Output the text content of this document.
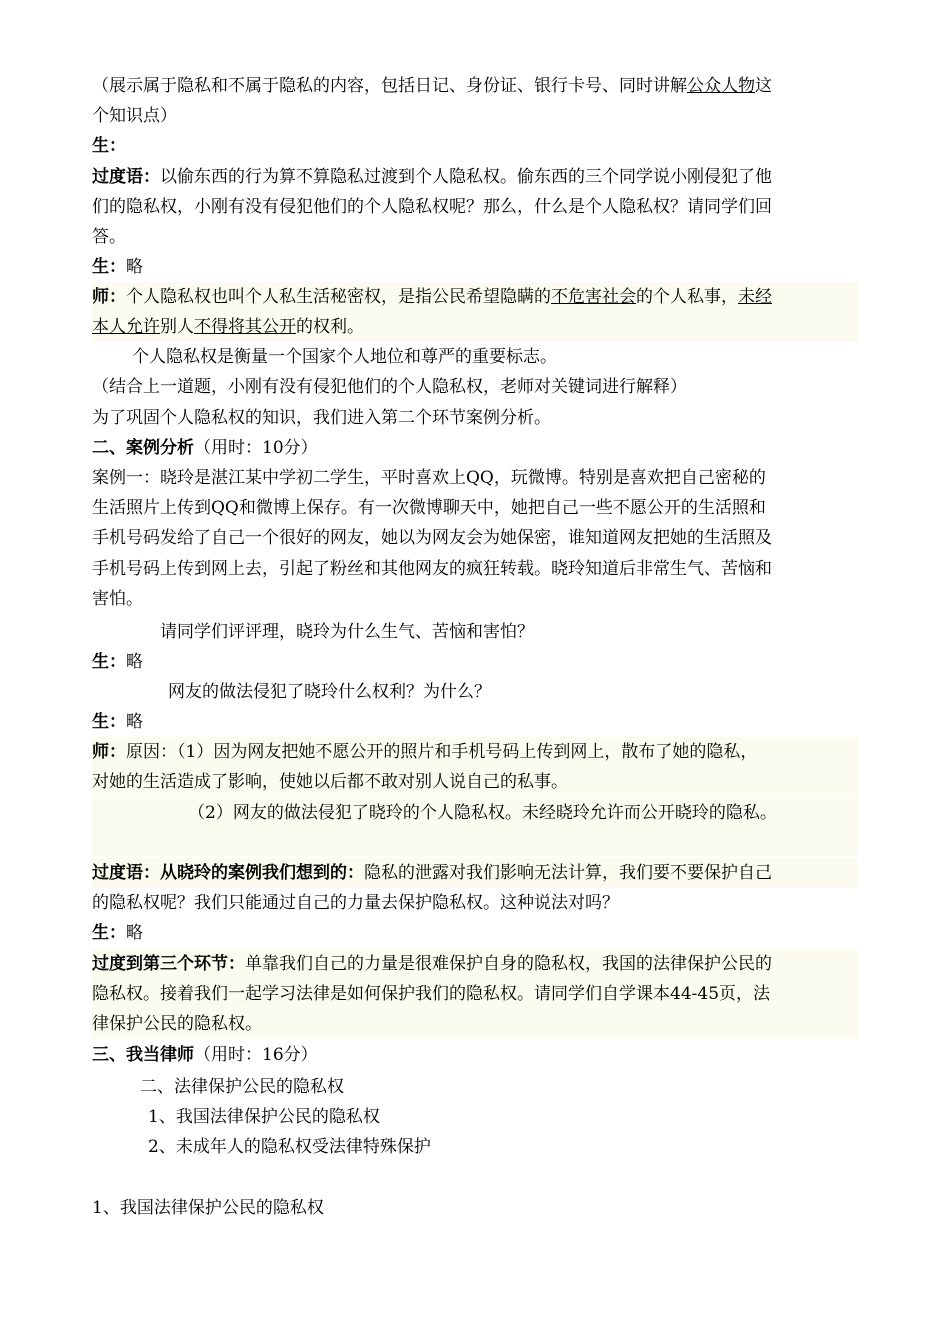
（展示属于隐私和不属于隐私的内容，包括日记、身份证、银行卡号、同时讲解公众人物这
个知识点）
生：
过度语：以偷东西的行为算不算隐私过渡到个人隐私权。偷东西的三个同学说小刚侵犯了他
们的隐私权，小刚有没有侵犯他们的个人隐私权呢？那么，什么是个人隐私权？请同学们回
答。
生：略
师：个人隐私权也叫个人私生活秘密权，是指公民希望隐瞒的不危害社会的个人私事，未经
本人允许别人不得将其公开的权利。
个人隐私权是衡量一个国家个人地位和尊严的重要标志。
（结合上一道题，小刚有没有侵犯他们的个人隐私权，老师对关键词进行解释）
为了巩固个人隐私权的知识，我们进入第二个环节案例分析。
二、案例分析（用时：10分）
案例一：晓玲是湛江某中学初二学生，平时喜欢上QQ，玩微博。特别是喜欢把自己密秘的
生活照片上传到QQ和微博上保存。有一次微博聊天中，她把自己一些不愿公开的生活照和
手机号码发给了自己一个很好的网友，她以为网友会为她保密，谁知道网友把她的生活照及
手机号码上传到网上去，引起了粉丝和其他网友的疯狂转载。晓玲知道后非常生气、苦恼和
害怕。
请同学们评评理，晓玲为什么生气、苦恼和害怕？
生：略
网友的做法侵犯了晓玲什么权利？为什么？
生：略
师：原因：（1）因为网友把她不愿公开的照片和手机号码上传到网上，散布了她的隐私，
对她的生活造成了影响，使她以后都不敢对别人说自己的私事。
（2）网友的做法侵犯了晓玲的个人隐私权。未经晓玲允许而公开晓玲的隐私。
过度语：从晓玲的案例我们想到的：隐私的泄露对我们影响无法计算，我们要不要保护自己
的隐私权呢？我们只能通过自己的力量去保护隐私权。这种说法对吗？
生：略
过度到第三个环节：单靠我们自己的力量是很难保护自身的隐私权，我国的法律保护公民的
隐私权。接着我们一起学习法律是如何保护我们的隐私权。请同学们自学课本44-45页，法
律保护公民的隐私权。
三、我当律师（用时：16分）
二、法律保护公民的隐私权
1、我国法律保护公民的隐私权
2、未成年人的隐私权受法律特殊保护
1、我国法律保护公民的隐私权
